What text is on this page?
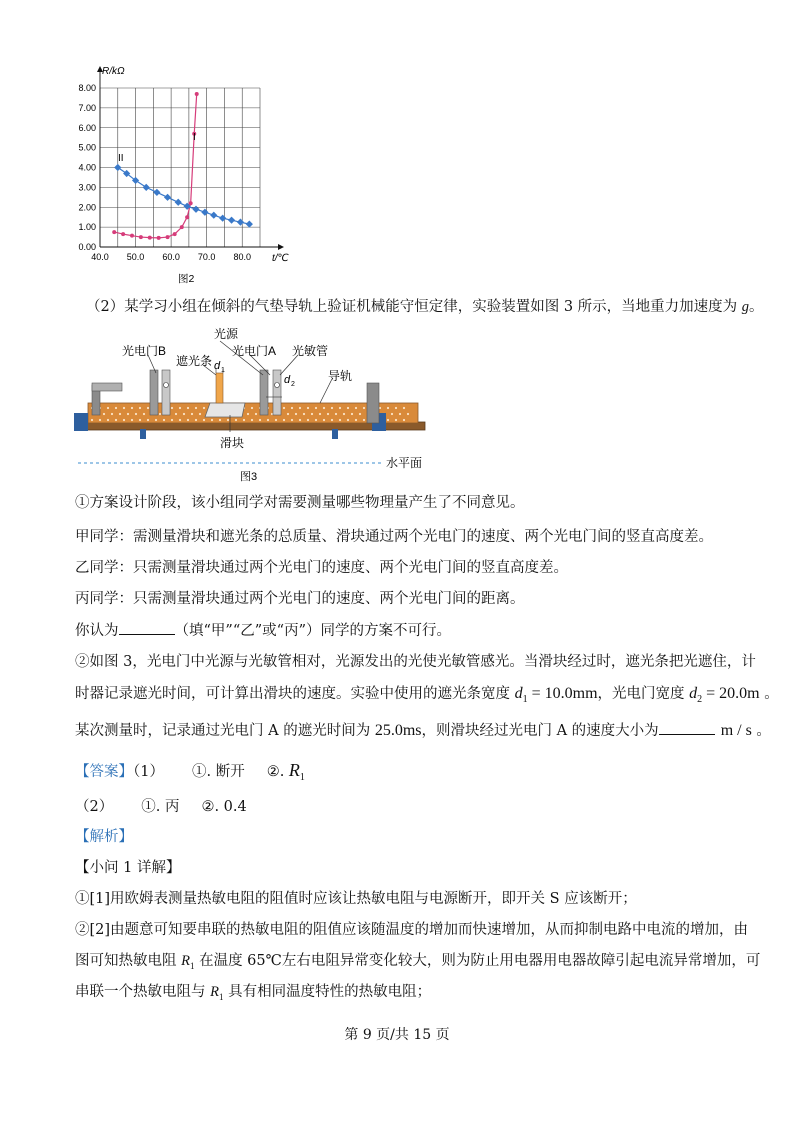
0.00
1.00
2.00
3.00
4.00
5.00
6.00
7.00
8.00
40.0 50.0 60.0 70.0 80.0
R/kΩ
t/℃
II
I
图2
（2）某学习小组在倾斜的气垫导轨上验证机械能守恒定律，实验装置如图 3 所示，当地重力加速度为 g。
光源
光电门B
遮光条
光电门A 光敏管
d 1
d 2
导轨
滑块
水平面
图3
①方案设计阶段，该小组同学对需要测量哪些物理量产生了不同意见。
甲同学：需测量滑块和遮光条的总质量、滑块通过两个光电门的速度、两个光电门间的竖直高度差。
乙同学：只需测量滑块通过两个光电门的速度、两个光电门间的竖直高度差。
丙同学：只需测量滑块通过两个光电门的速度、两个光电门间的距离。
你认为	（填“甲”“乙”或“丙”）同学的方案不可行。
②如图 3，光电门中光源与光敏管相对，光源发出的光使光敏管感光。当滑块经过时，遮光条把光遮住，计
时器记录遮光时间，可计算出滑块的速度。实验中使用的遮光条宽度 $d_1 = 10.0mm$，光电门宽度 $d_2 = 20.0m$ 。
某次测量时，记录通过光电门 A 的遮光时间为 25.0ms，则滑块经过光电门 A 的速度大小为	m / s 。
【答案】（1） ①. 断开 ②. $R_1$
（2） ①. 丙 ②. 0.4
【解析】
【小问 1 详解】
①[1]用欧姆表测量热敏电阻的阻值时应该让热敏电阻与电源断开，即开关 S 应该断开；
②[2]由题意可知要串联的热敏电阻的阻值应该随温度的增加而快速增加，从而抑制电路中电流的增加，由
图可知热敏电阻 $R_1$ 在温度 65℃左右电阻异常变化较大，则为防止用电器用电器故障引起电流异常增加，可
串联一个热敏电阻与 $R_1$ 具有相同温度特性的热敏电阻；
第 9 页/共 15 页
